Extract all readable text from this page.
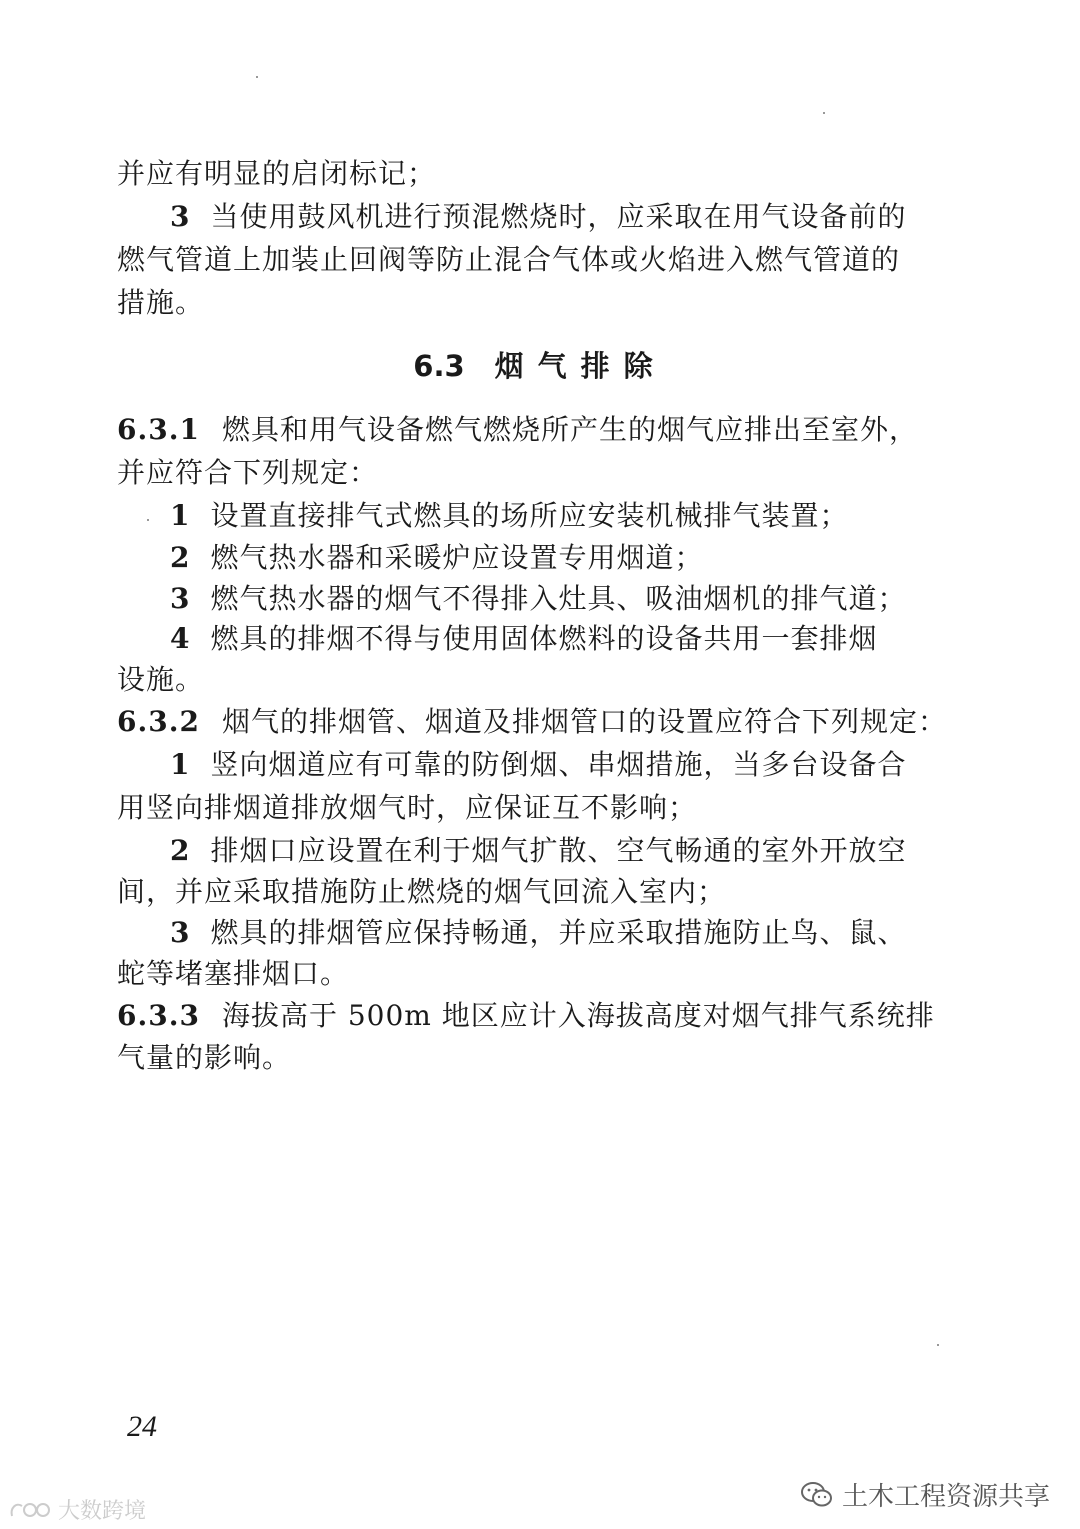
并应有明显的启闭标记；
3 当使用鼓风机进行预混燃烧时，应采取在用气设备前的
燃气管道上加装止回阀等防止混合气体或火焰进入燃气管道的
措施。
6.3 烟气排除
6.3.1 燃具和用气设备燃气燃烧所产生的烟气应排出至室外，
并应符合下列规定：
1 设置直接排气式燃具的场所应安装机械排气装置；
2 燃气热水器和采暖炉应设置专用烟道；
3 燃气热水器的烟气不得排入灶具、吸油烟机的排气道；
4 燃具的排烟不得与使用固体燃料的设备共用一套排烟
设施。
6.3.2 烟气的排烟管、烟道及排烟管口的设置应符合下列规定：
1 竖向烟道应有可靠的防倒烟、串烟措施，当多台设备合
用竖向排烟道排放烟气时，应保证互不影响；
2 排烟口应设置在利于烟气扩散、空气畅通的室外开放空
间，并应采取措施防止燃烧的烟气回流入室内；
3 燃具的排烟管应保持畅通，并应采取措施防止鸟、鼠、
蛇等堵塞排烟口。
6.3.3 海拔高于 500m 地区应计入海拔高度对烟气排气系统排
气量的影响。
24
土木工程资源共享
大数跨境
